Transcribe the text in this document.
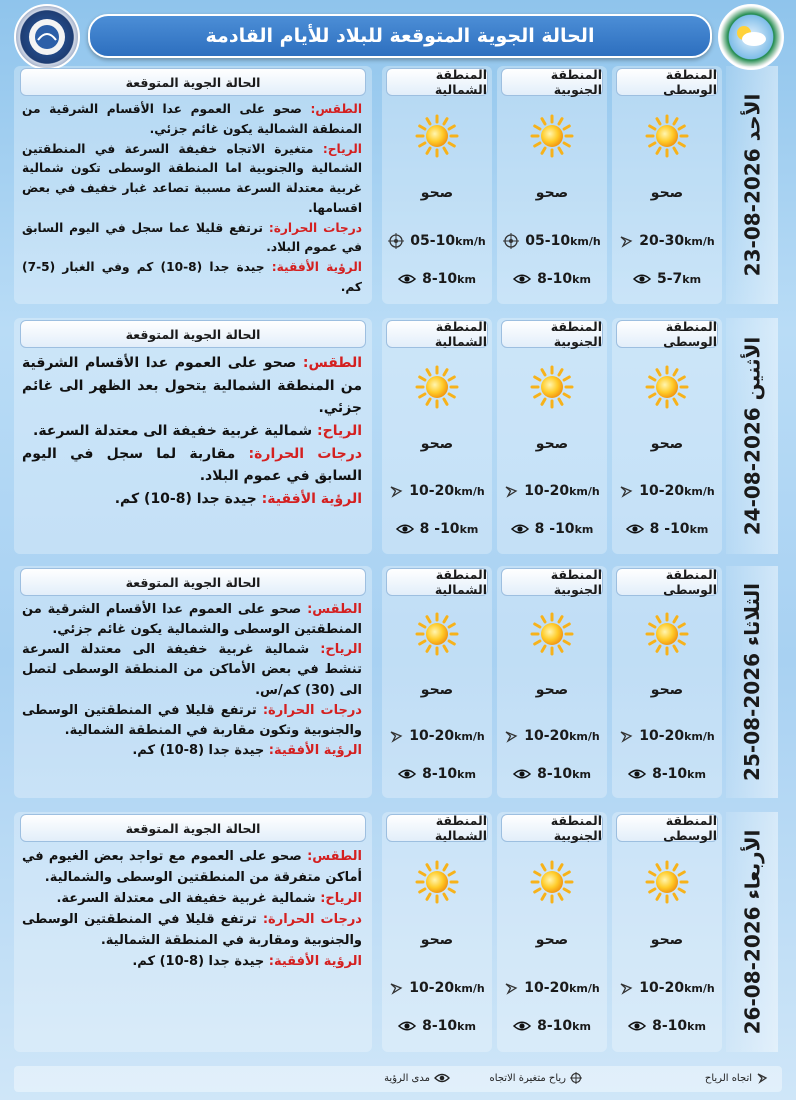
الحالة الجوية المتوقعة للبلاد للأيام القادمة
الأحد 2026-08-23
المنطقة الوسطى
صحو
20-30 km/h
5-7 km
المنطقة الجنوبية
صحو
05-10 km/h
8-10 km
المنطقة الشمالية
صحو
05-10 km/h
8-10 km
الحالة الجوية المتوقعة

الطقس: صحو على العموم عدا الأقسام الشرقية من المنطقة الشمالية يكون غائم جزئي.

الرياح: متغيرة الاتجاه خفيفة السرعة في المنطقتين الشمالية والجنوبية اما المنطقة الوسطى تكون شمالية غربية معتدلة السرعة مسببة تصاعد غبار خفيف في بعض اقسامها.

درجات الحرارة: ترتفع قليلا عما سجل في اليوم السابق في عموم البلاد.

الرؤية الأفقية: جيدة جدا (8-10) كم وفي الغبار (5-7) كم.

الأثنين 2026-08-24
المنطقة الوسطى
صحو
10-20 km/h
8 -10 km
المنطقة الجنوبية
صحو
10-20 km/h
8 -10 km
المنطقة الشمالية
صحو
10-20 km/h
8 -10 km
الحالة الجوية المتوقعة

الطقس: صحو على العموم عدا الأقسام الشرقية من المنطقة الشمالية يتحول بعد الظهر الى غائم جزئي.

الرياح: شمالية غربية خفيفة الى معتدلة السرعة.

درجات الحرارة: مقاربة لما سجل في اليوم السابق في عموم البلاد.

الرؤية الأفقية: جيدة جدا (8-10) كم.

الثلاثاء 2026-08-25
المنطقة الوسطى
صحو
10-20 km/h
8-10 km
المنطقة الجنوبية
صحو
10-20 km/h
8-10 km
المنطقة الشمالية
صحو
10-20 km/h
8-10 km
الحالة الجوية المتوقعة

الطقس: صحو على العموم عدا الأقسام الشرقية من المنطقتين الوسطى والشمالية يكون غائم جزئي.

الرياح: شمالية غربية خفيفة الى معتدلة السرعة تنشط في بعض الأماكن من المنطقة الوسطى لتصل الى (30) كم/س.

درجات الحرارة: ترتفع قليلا في المنطقتين الوسطى والجنوبية وتكون مقاربة في المنطقة الشمالية.

الرؤية الأفقية: جيدة جدا (8-10) كم.

الأربعاء 2026-08-26
المنطقة الوسطى
صحو
10-20 km/h
8-10 km
المنطقة الجنوبية
صحو
10-20 km/h
8-10 km
المنطقة الشمالية
صحو
10-20 km/h
8-10 km
الحالة الجوية المتوقعة

الطقس: صحو على العموم مع تواجد بعض الغيوم في أماكن متفرقة من المنطقتين الوسطى والشمالية.

الرياح: شمالية غربية خفيفة الى معتدلة السرعة.

درجات الحرارة: ترتفع قليلا في المنطقتين الوسطى والجنوبية ومقاربة في المنطقة الشمالية.

الرؤية الأفقية: جيدة جدا (8-10) كم.

اتجاه الرياح
رياح متغيرة الاتجاه
مدى الرؤية
